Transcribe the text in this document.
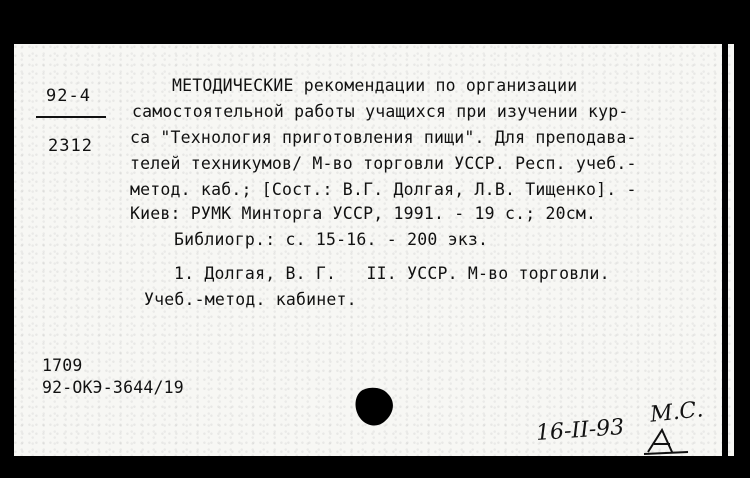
92-4
2312
МЕТОДИЧЕСКИЕ рекомендации по организации
самостоятельной работы учащихся при изучении кур-
са "Технология приготовления пищи". Для преподава-
телей техникумов/ М-во торговли УССР. Респ. учеб.-
метод. каб.; [Сост.: В.Г. Долгая, Л.В. Тищенко]. -
Киев: РУМК Минторга УССР, 1991. - 19 с.; 20см.
Библиогр.: с. 15-16. - 200 экз.
1. Долгая, В. Г.   II. УССР. М-во торговли.
Учеб.-метод. кабинет.
1709
92-ОКЭ-3644/19
16-II-93
М.С.
